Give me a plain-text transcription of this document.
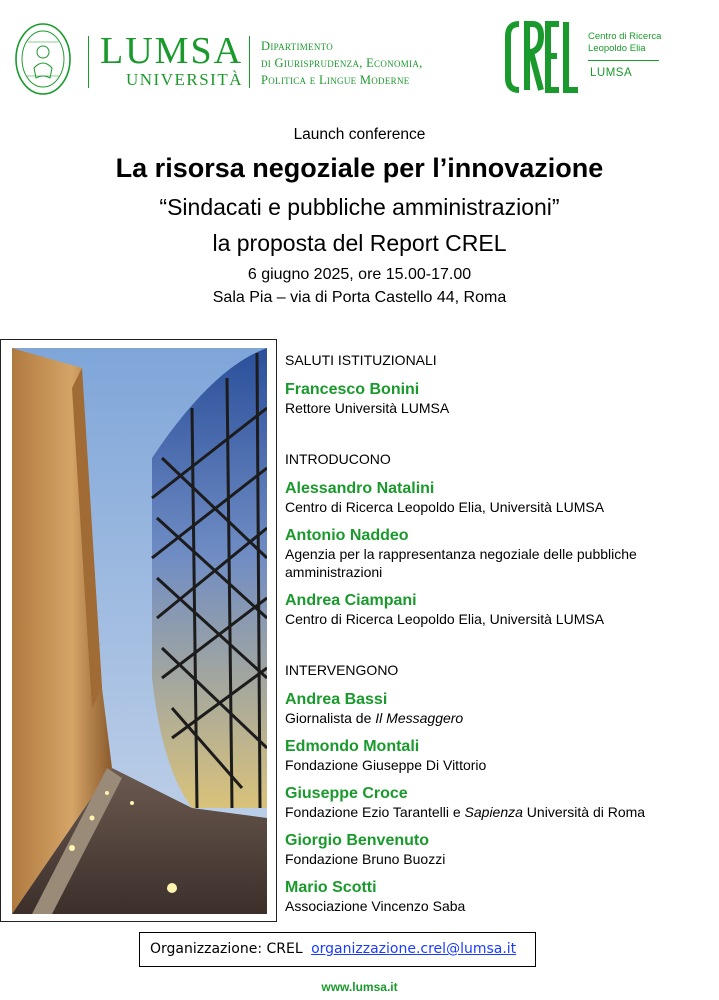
LUMSA
UNIVERSITÀ
Dipartimento
di Giurisprudenza, Economia,
Politica e Lingue Moderne
Centro di Ricerca
Leopoldo Elia
LUMSA
Launch conference
La risorsa negoziale per l’innovazione
“Sindacati e pubbliche amministrazioni”
la proposta del Report CREL
6 giugno 2025, ore 15.00-17.00
Sala Pia – via di Porta Castello 44, Roma

SALUTI ISTITUZIONALI

Francesco Bonini

Rettore Università LUMSA

INTRODUCONO

Alessandro Natalini

Centro di Ricerca Leopoldo Elia, Università LUMSA

Antonio Naddeo

Agenzia per la rappresentanza negoziale delle pubbliche amministrazioni

Andrea Ciampani

Centro di Ricerca Leopoldo Elia, Università LUMSA

INTERVENGONO

Andrea Bassi

Giornalista de Il Messaggero

Edmondo Montali

Fondazione Giuseppe Di Vittorio

Giuseppe Croce

Fondazione Ezio Tarantelli e Sapienza Università di Roma

Giorgio Benvenuto

Fondazione Bruno Buozzi

Mario Scotti

Associazione Vincenzo Saba

Organizzazione: CREL organizzazione.crel@lumsa.it
www.lumsa.it
